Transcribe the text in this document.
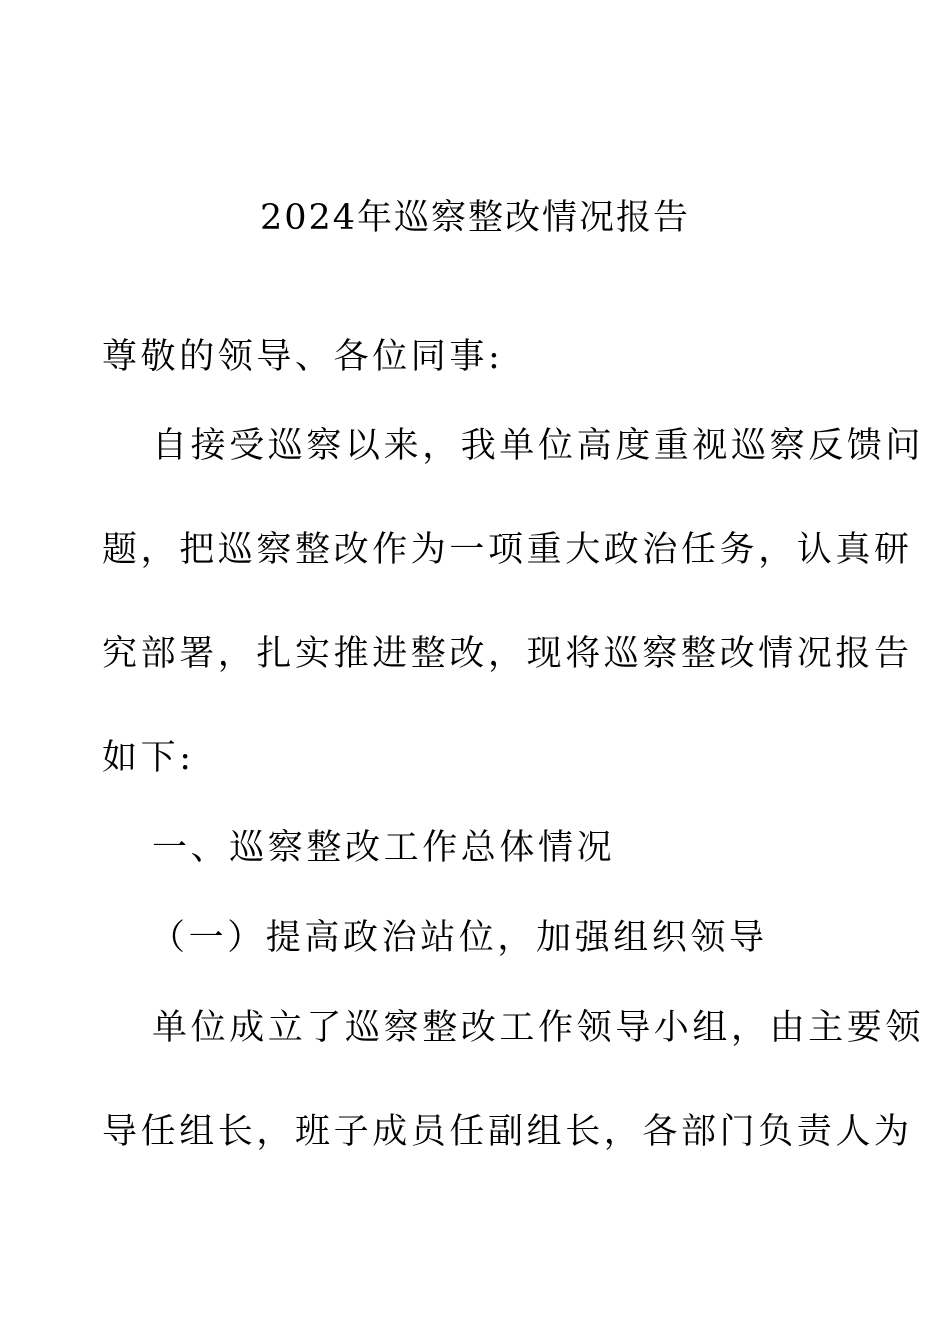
2024年巡察整改情况报告
尊敬的领导、各位同事:
自接受巡察以来，我单位高度重视巡察反馈问
题，把巡察整改作为一项重大政治任务，认真研
究部署，扎实推进整改，现将巡察整改情况报告
如下:
一、巡察整改工作总体情况
（一）提高政治站位，加强组织领导
单位成立了巡察整改工作领导小组，由主要领
导任组长，班子成员任副组长，各部门负责人为
